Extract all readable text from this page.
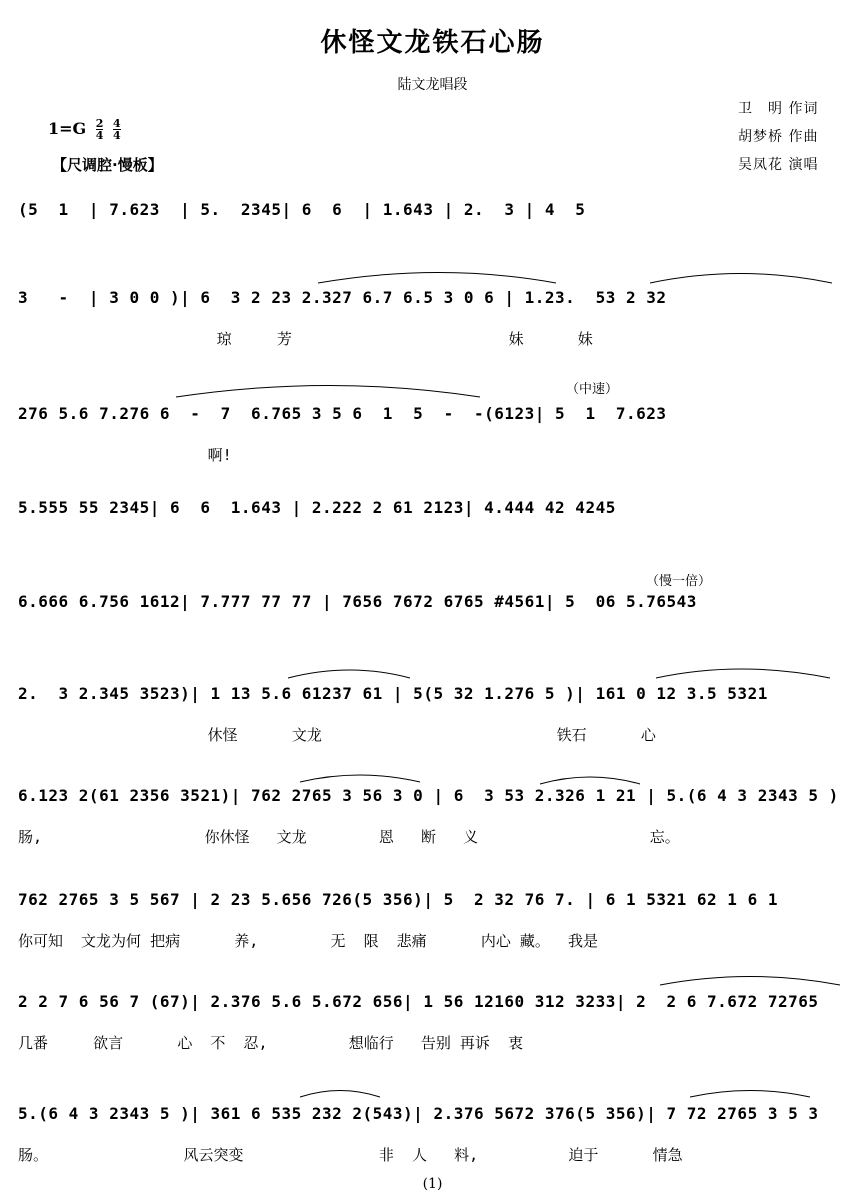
休怪文龙铁石心肠
陆文龙唱段
卫　明 作词
胡梦桥 作曲
吴凤花 演唱
$1=G \frac{2}{4}$
$\frac{4}{4}$
【尺调腔·慢板】
（中速）
（慢一倍）
(5  1  | 7.623  | 5.  2345| 6  6  | 1.643 | 2.  3 | 4  5
3   -  | 3 0 0 )| 6  3 2 23 2.327 6.7 6.5 3 0 6 | 1.23.  53 2 32
琼     芳                        妹      妹
276 5.6 7.276 6  -  7  6.765 3 5 6  1  5  -  -(6123| 5  1  7.623
啊!
5.555 55 2345| 6  6  1.643 | 2.222 2 61 2123| 4.444 42 4245
6.666 6.756 1612| 7.777 77 77 | 7656 7672 6765 #4561| 5  06 5.76543
2.  3 2.345 3523)| 1 13 5.6 61237 61 | 5(5 32 1.276 5 )| 161 0 12 3.5 5321
休怪      文龙                          铁石      心
6.123 2(61 2356 3521)| 762 2765 3 56 3 0 | 6  3 53 2.326 1 21 | 5.(6 4 3 2343 5 )
肠,                  你休怪   文龙        恩   断   义                   忘。
762 2765 3 5 567 | 2 23 5.656 726(5 356)| 5  2 32 76 7. | 6 1 5321 62 1 6 1
你可知  文龙为何 把病      养,        无  限  悲痛      内心 藏。  我是
2 2 7 6 56 7 (67)| 2.376 5.6 5.672 656| 1 56 12160 312 3233| 2  2 6 7.672 72765
几番     欲言      心  不  忍,         想临行   告别 再诉  衷
5.(6 4 3 2343 5 )| 361 6 535 232 2(543)| 2.376 5672 376(5 356)| 7 72 2765 3 5 3
肠。               风云突变               非  人   料,          迫于      情急
(1)
